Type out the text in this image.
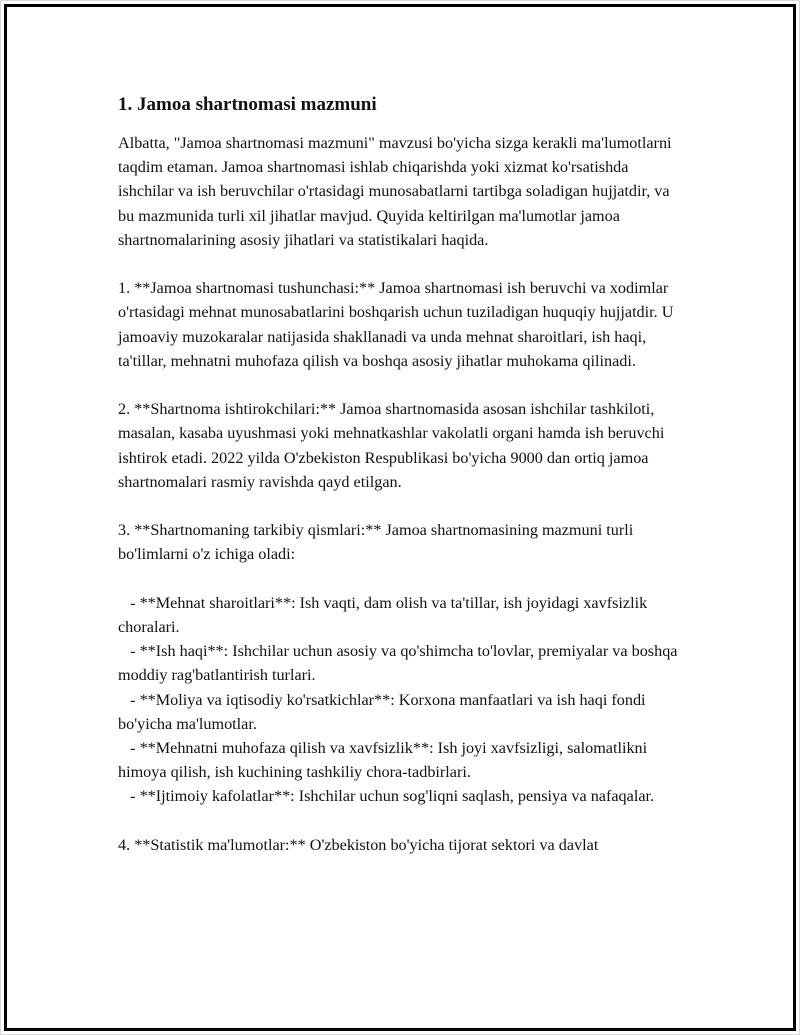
1. Jamoa shartnomasi mazmuni

Albatta, "Jamoa shartnomasi mazmuni" mavzusi bo'yicha sizga kerakli ma'lumotlarni taqdim etaman. Jamoa shartnomasi ishlab chiqarishda yoki xizmat ko'rsatishda ishchilar va ish beruvchilar o'rtasidagi munosabatlarni tartibga soladigan hujjatdir, va bu mazmunida turli xil jihatlar mavjud. Quyida keltirilgan ma'lumotlar jamoa shartnomalarining asosiy jihatlari va statistikalari haqida.

1. **Jamoa shartnomasi tushunchasi:** Jamoa shartnomasi ish beruvchi va xodimlar o'rtasidagi mehnat munosabatlarini boshqarish uchun tuziladigan huquqiy hujjatdir. U jamoaviy muzokaralar natijasida shakllanadi va unda mehnat sharoitlari, ish haqi, ta'tillar, mehnatni muhofaza qilish va boshqa asosiy jihatlar muhokama qilinadi.

2. **Shartnoma ishtirokchilari:** Jamoa shartnomasida asosan ishchilar tashkiloti, masalan, kasaba uyushmasi yoki mehnatkashlar vakolatli organi hamda ish beruvchi ishtirok etadi. 2022 yilda O'zbekiston Respublikasi bo'yicha 9000 dan ortiq jamoa shartnomalari rasmiy ravishda qayd etilgan.

3. **Shartnomaning tarkibiy qismlari:** Jamoa shartnomasining mazmuni turli bo'limlarni o'z ichiga oladi:

- **Mehnat sharoitlari**: Ish vaqti, dam olish va ta'tillar, ish joyidagi xavfsizlik choralari.

- **Ish haqi**: Ishchilar uchun asosiy va qo'shimcha to'lovlar, premiyalar va boshqa moddiy rag'batlantirish turlari.

- **Moliya va iqtisodiy ko'rsatkichlar**: Korxona manfaatlari va ish haqi fondi bo'yicha ma'lumotlar.

- **Mehnatni muhofaza qilish va xavfsizlik**: Ish joyi xavfsizligi, salomatlikni himoya qilish, ish kuchining tashkiliy chora-tadbirlari.

- **Ijtimoiy kafolatlar**: Ishchilar uchun sog'liqni saqlash, pensiya va nafaqalar.

4. **Statistik ma'lumotlar:** O'zbekiston bo'yicha tijorat sektori va davlat
